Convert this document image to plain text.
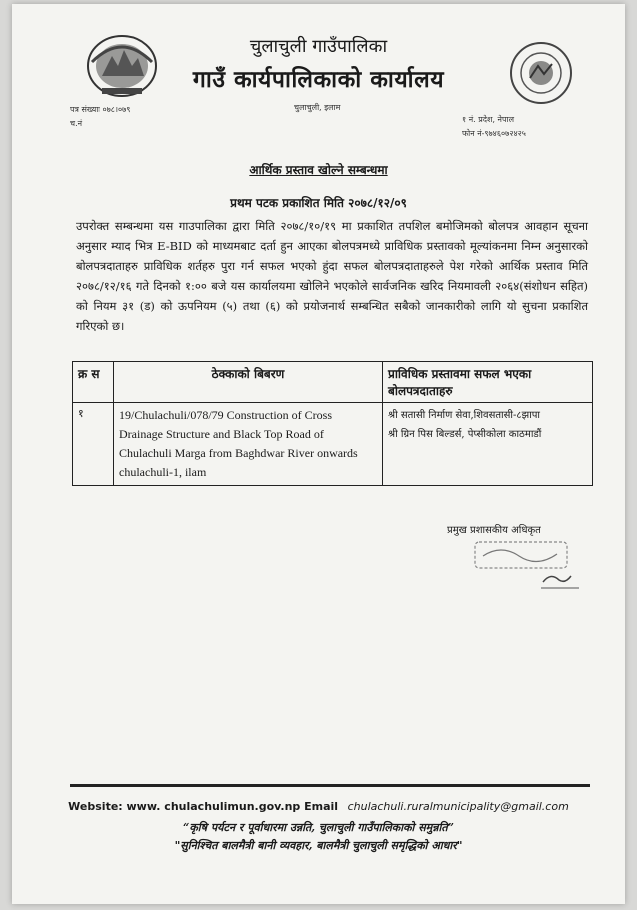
चुलाचुली गाउँपालिका
गाउँ कार्यपालिकाको कार्यालय
पत्र संख्याः ०७८।०७९
च.नं
चुलाचुली, इलाम
१ नं. प्रदेश, नेपाल
फोन नं-९७४६०७२४२५
आर्थिक प्रस्ताव खोल्ने सम्बन्धमा
प्रथम पटक प्रकाशित मिति २०७८/१२/०९
उपरोक्त सम्बन्धमा यस गाउपालिका द्वारा मिति २०७८/१०/१९ मा प्रकाशित तपशिल बमोजिमको बोलपत्र आवहान सूचना अनुसार म्याद भित्र E-BID को माध्यमबाट दर्ता हुन आएका बोलपत्रमध्ये प्राविधिक प्रस्तावको मूल्यांकनमा निम्न अनुसारको बोलपत्रदाताहरु प्राविधिक शर्तहरु पुरा गर्न सफल भएको हुंदा सफल बोलपत्रदाताहरुले पेश गरेको आर्थिक प्रस्ताव मिति २०७८/१२/१६ गते दिनको १:०० बजे यस कार्यालयमा खोलिने भएकोले सार्वजनिक खरिद नियमावली २०६४(संशोधन सहित) को नियम ३१ (ड) को ऊपनियम (५) तथा (६) को प्रयोजनार्थ सम्बन्धित सबैको जानकारीको लागि यो सुचना प्रकाशित गरिएको छ।
क्र स	ठेक्काको बिबरण	प्राविधिक प्रस्तावमा सफल भएका बोलपत्रदाताहरु
१	19/Chulachuli/078/79 Construction of Cross Drainage Structure and Black Top Road of Chulachuli Marga from Baghdwar River onwards chulachuli-1, ilam	श्री सतासी निर्माण सेवा,शिवसतासी-८झापा
श्री ग्रिन पिस बिल्डर्स, पेप्सीकोला काठमाडौं
प्रमुख प्रशासकीय अधिकृत
Website: www. chulachulimun.gov.np Email chulachuli.ruralmunicipality@gmail.com
“कृषि पर्यटन र पूर्वाधारमा उन्नति, चुलाचुली गाउँपालिकाको समुन्नति”
"सुनिश्चित बालमैत्री बानी व्यवहार, बालमैत्री चुलाचुली समृद्धिको आधार"
